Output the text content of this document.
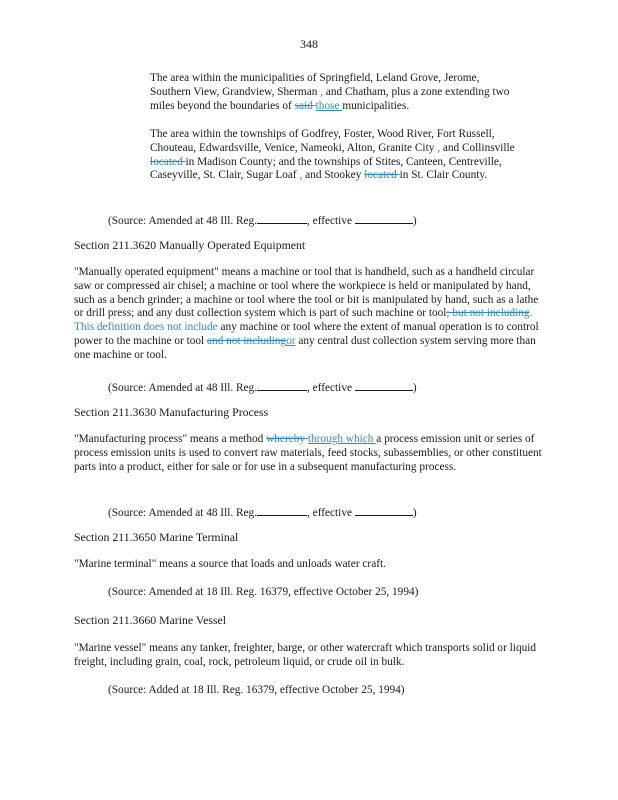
348
The area within the municipalities of Springfield, Leland Grove, Jerome, Southern View, Grandview, Sherman , and Chatham, plus a zone extending two miles beyond the boundaries of said those municipalities.
The area within the townships of Godfrey, Foster, Wood River, Fort Russell, Chouteau, Edwardsville, Venice, Nameoki, Alton, Granite City , and Collinsville located in Madison County; and the townships of Stites, Canteen, Centreville, Caseyville, St. Clair, Sugar Loaf , and Stookey located in St. Clair County.
(Source: Amended at 48 Ill. Reg.	, effective	)
Section 211.3620 Manually Operated Equipment
"Manually operated equipment" means a machine or tool that is handheld, such as a handheld circular saw or compressed air chisel; a machine or tool where the workpiece is held or manipulated by hand, such as a bench grinder; a machine or tool where the tool or bit is manipulated by hand, such as a lathe or drill press; and any dust collection system which is part of such machine or tool; but not including. This definition does not include any machine or tool where the extent of manual operation is to control power to the machine or tool and not includingor any central dust collection system serving more than one machine or tool.
(Source: Amended at 48 Ill. Reg.	, effective	)
Section 211.3630 Manufacturing Process
"Manufacturing process" means a method whereby through which a process emission unit or series of process emission units is used to convert raw materials, feed stocks, subassemblies, or other constituent parts into a product, either for sale or for use in a subsequent manufacturing process.
(Source: Amended at 48 Ill. Reg.	, effective	)
Section 211.3650 Marine Terminal
"Marine terminal" means a source that loads and unloads water craft.
(Source: Amended at 18 Ill. Reg. 16379, effective October 25, 1994)
Section 211.3660 Marine Vessel
"Marine vessel" means any tanker, freighter, barge, or other watercraft which transports solid or liquid freight, including grain, coal, rock, petroleum liquid, or crude oil in bulk.
(Source: Added at 18 Ill. Reg. 16379, effective October 25, 1994)
